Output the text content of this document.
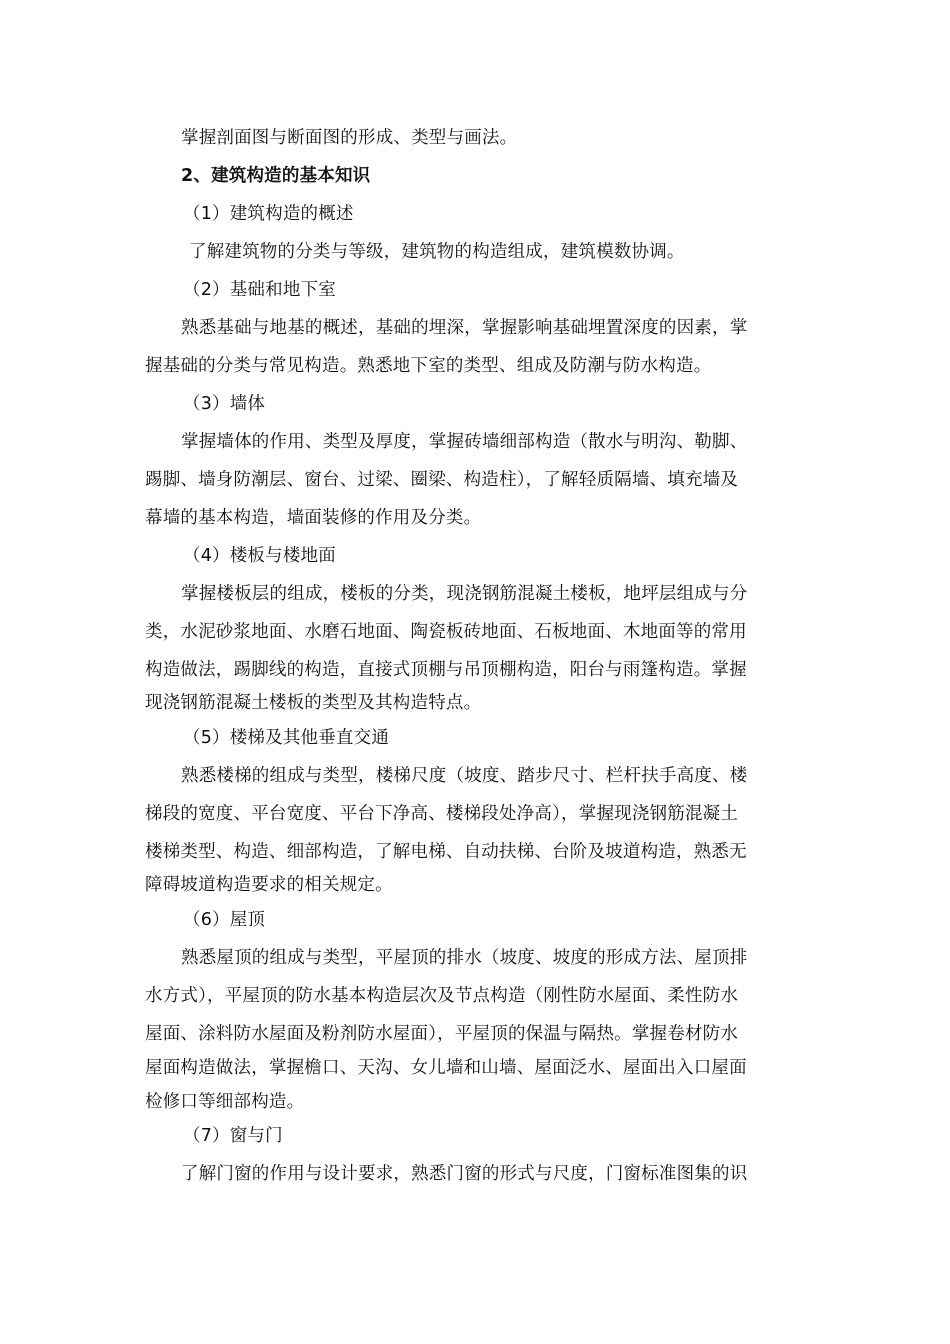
掌握剖面图与断面图的形成、类型与画法。
2、建筑构造的基本知识
（1）建筑构造的概述
了解建筑物的分类与等级，建筑物的构造组成，建筑模数协调。
（2）基础和地下室
熟悉基础与地基的概述，基础的埋深，掌握影响基础埋置深度的因素，掌
握基础的分类与常见构造。熟悉地下室的类型、组成及防潮与防水构造。
（3）墙体
掌握墙体的作用、类型及厚度，掌握砖墙细部构造（散水与明沟、勒脚、
踢脚、墙身防潮层、窗台、过梁、圈梁、构造柱），了解轻质隔墙、填充墙及
幕墙的基本构造，墙面装修的作用及分类。
（4）楼板与楼地面
掌握楼板层的组成，楼板的分类，现浇钢筋混凝土楼板，地坪层组成与分
类，水泥砂浆地面、水磨石地面、陶瓷板砖地面、石板地面、木地面等的常用
构造做法，踢脚线的构造，直接式顶棚与吊顶棚构造，阳台与雨篷构造。掌握
现浇钢筋混凝土楼板的类型及其构造特点。
（5）楼梯及其他垂直交通
熟悉楼梯的组成与类型，楼梯尺度（坡度、踏步尺寸、栏杆扶手高度、楼
梯段的宽度、平台宽度、平台下净高、楼梯段处净高），掌握现浇钢筋混凝土
楼梯类型、构造、细部构造，了解电梯、自动扶梯、台阶及坡道构造，熟悉无
障碍坡道构造要求的相关规定。
（6）屋顶
熟悉屋顶的组成与类型，平屋顶的排水（坡度、坡度的形成方法、屋顶排
水方式），平屋顶的防水基本构造层次及节点构造（刚性防水屋面、柔性防水
屋面、涂料防水屋面及粉剂防水屋面），平屋顶的保温与隔热。掌握卷材防水
屋面构造做法，掌握檐口、天沟、女儿墙和山墙、屋面泛水、屋面出入口屋面
检修口等细部构造。
（7）窗与门
了解门窗的作用与设计要求，熟悉门窗的形式与尺度，门窗标准图集的识
